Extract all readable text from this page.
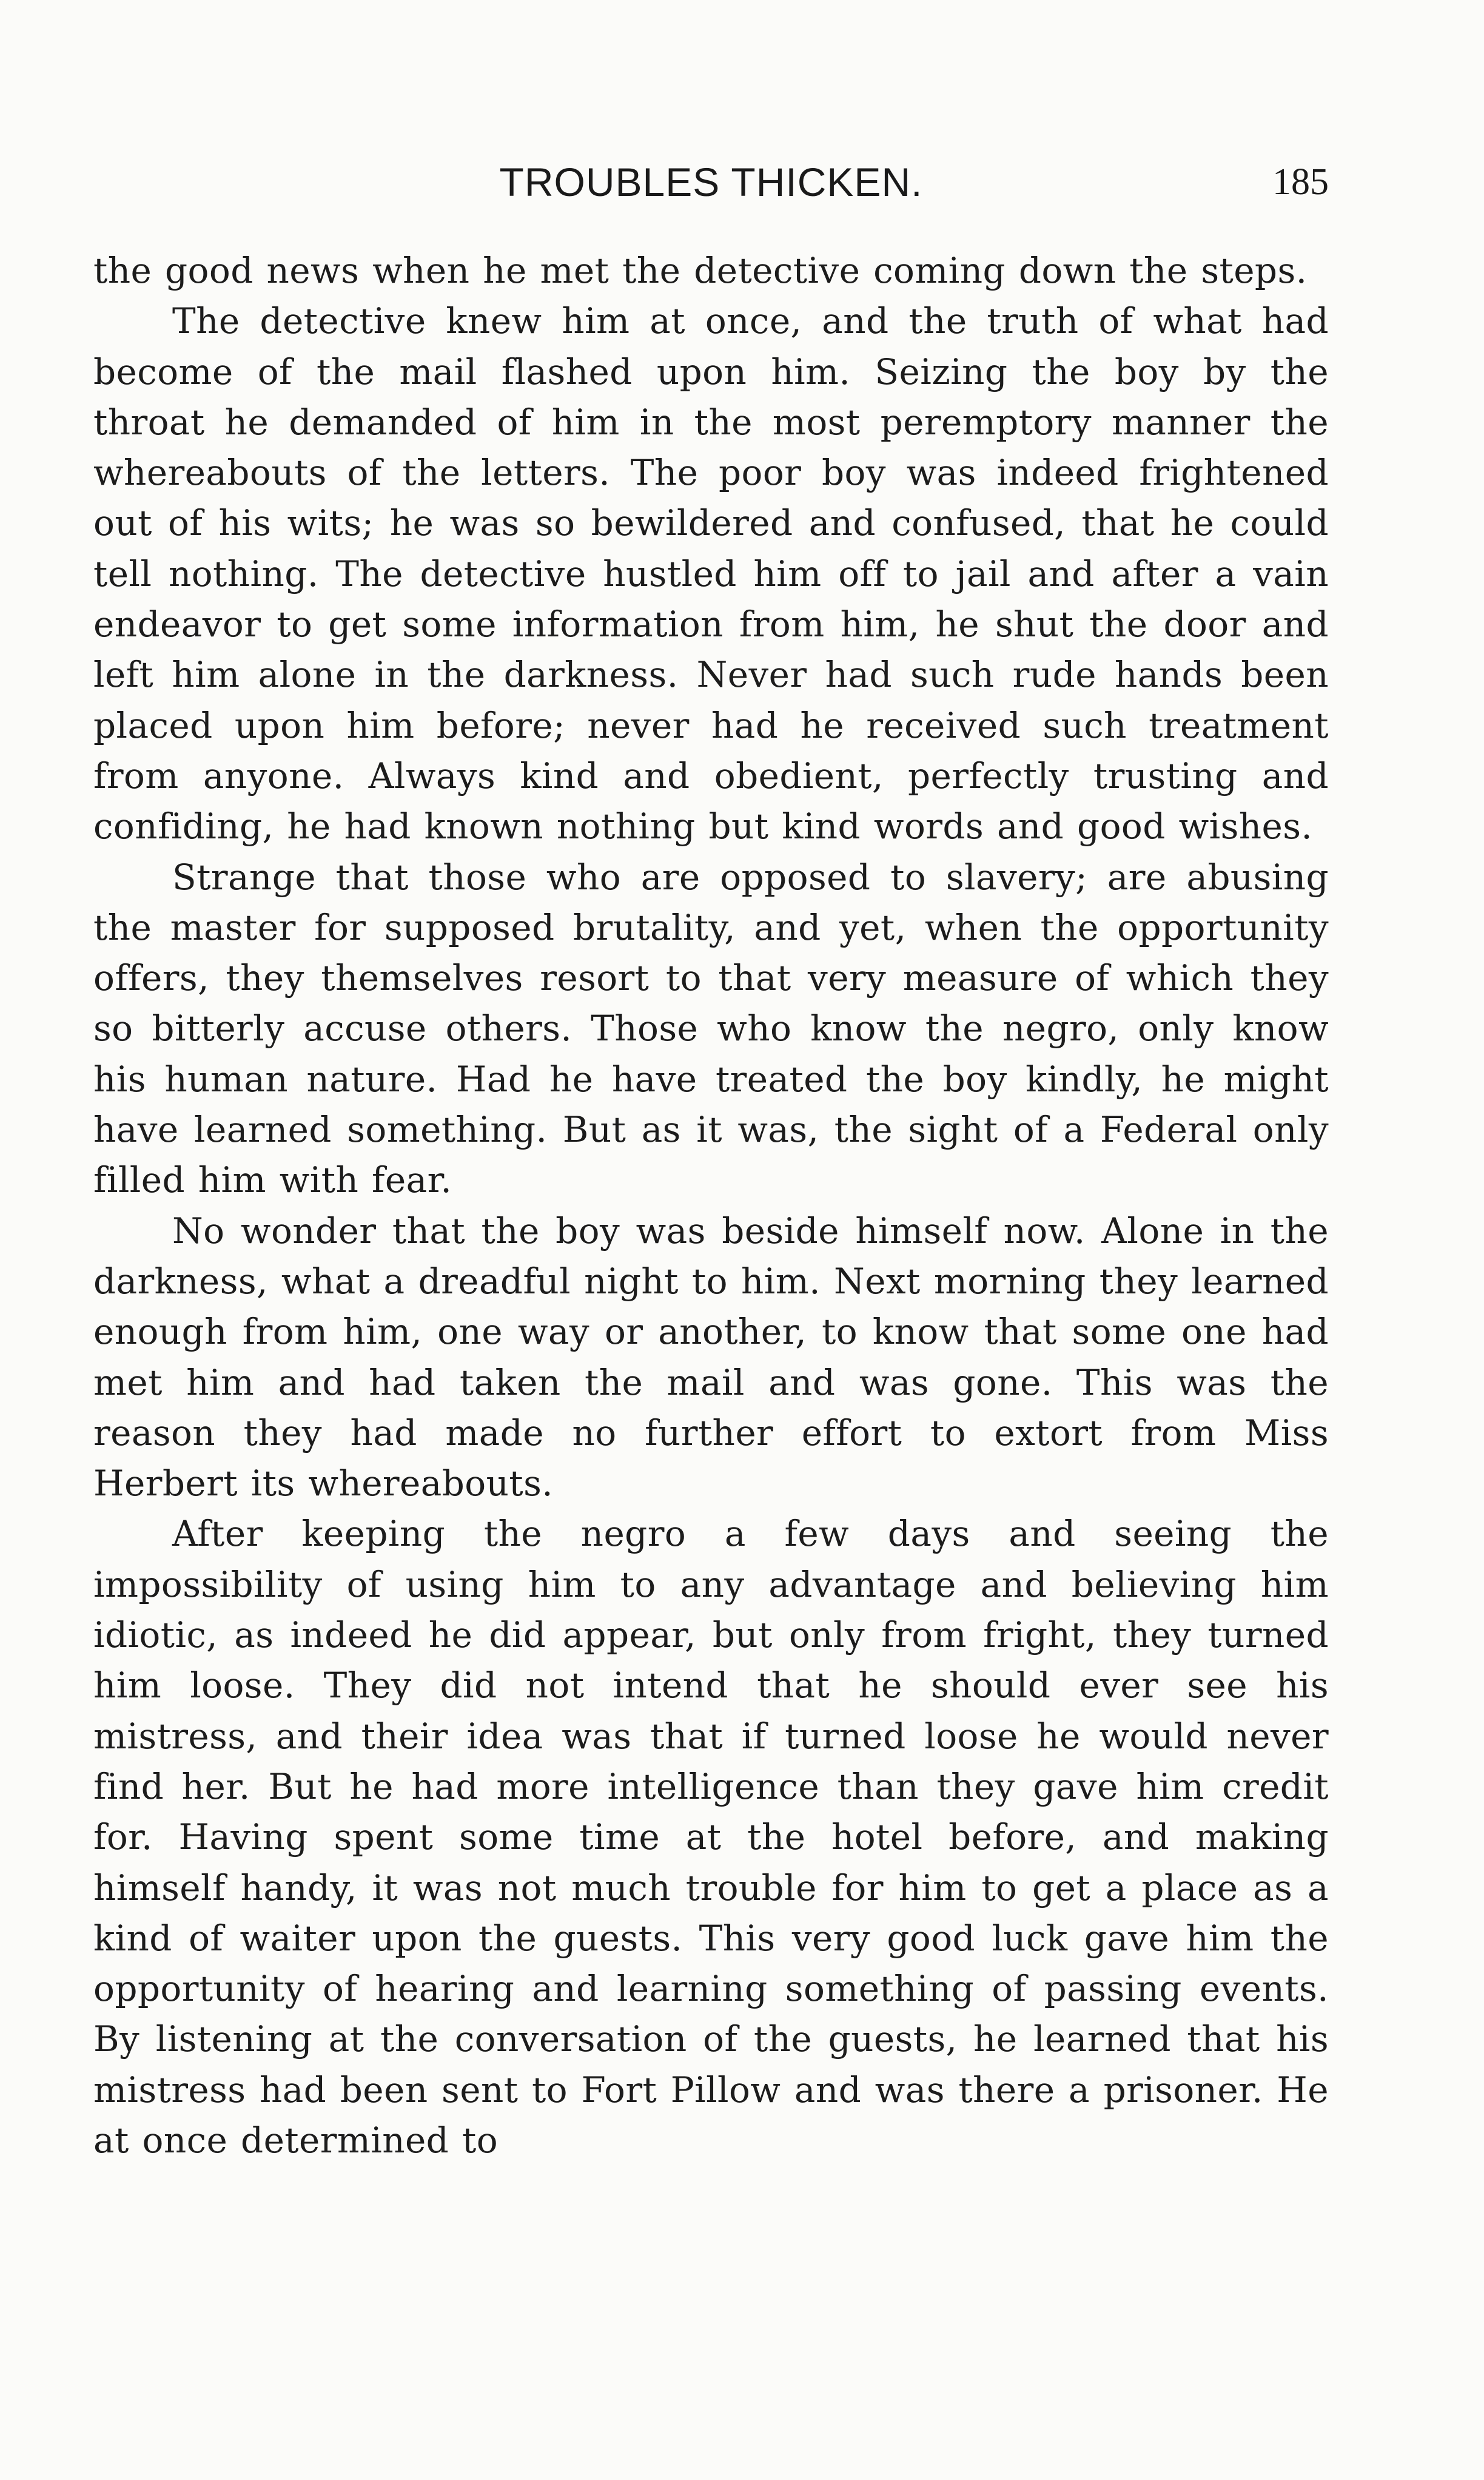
TROUBLES THICKEN.	185

the good news when he met the detective coming down the steps.

The detective knew him at once, and the truth of what had become of the mail flashed upon him. Seizing the boy by the throat he demanded of him in the most peremptory manner the whereabouts of the letters. The poor boy was indeed frightened out of his wits; he was so bewildered and confused, that he could tell nothing. The detective hustled him off to jail and after a vain endeavor to get some information from him, he shut the door and left him alone in the darkness. Never had such rude hands been placed upon him before; never had he received such treatment from anyone. Always kind and obedient, perfectly trusting and confiding, he had known nothing but kind words and good wishes.

Strange that those who are opposed to slavery; are abusing the master for supposed brutality, and yet, when the opportunity offers, they themselves resort to that very measure of which they so bitterly accuse others. Those who know the negro, only know his human nature. Had he have treated the boy kindly, he might have learned something. But as it was, the sight of a Federal only filled him with fear.

No wonder that the boy was beside himself now. Alone in the darkness, what a dreadful night to him. Next morning they learned enough from him, one way or another, to know that some one had met him and had taken the mail and was gone. This was the reason they had made no further effort to extort from Miss Herbert its whereabouts.

After keeping the negro a few days and seeing the impossibility of using him to any advantage and believing him idiotic, as indeed he did appear, but only from fright, they turned him loose. They did not intend that he should ever see his mistress, and their idea was that if turned loose he would never find her. But he had more intelligence than they gave him credit for. Having spent some time at the hotel before, and making himself handy, it was not much trouble for him to get a place as a kind of waiter upon the guests. This very good luck gave him the opportunity of hearing and learning something of passing events. By listening at the conversation of the guests, he learned that his mistress had been sent to Fort Pillow and was there a prisoner. He at once determined to
